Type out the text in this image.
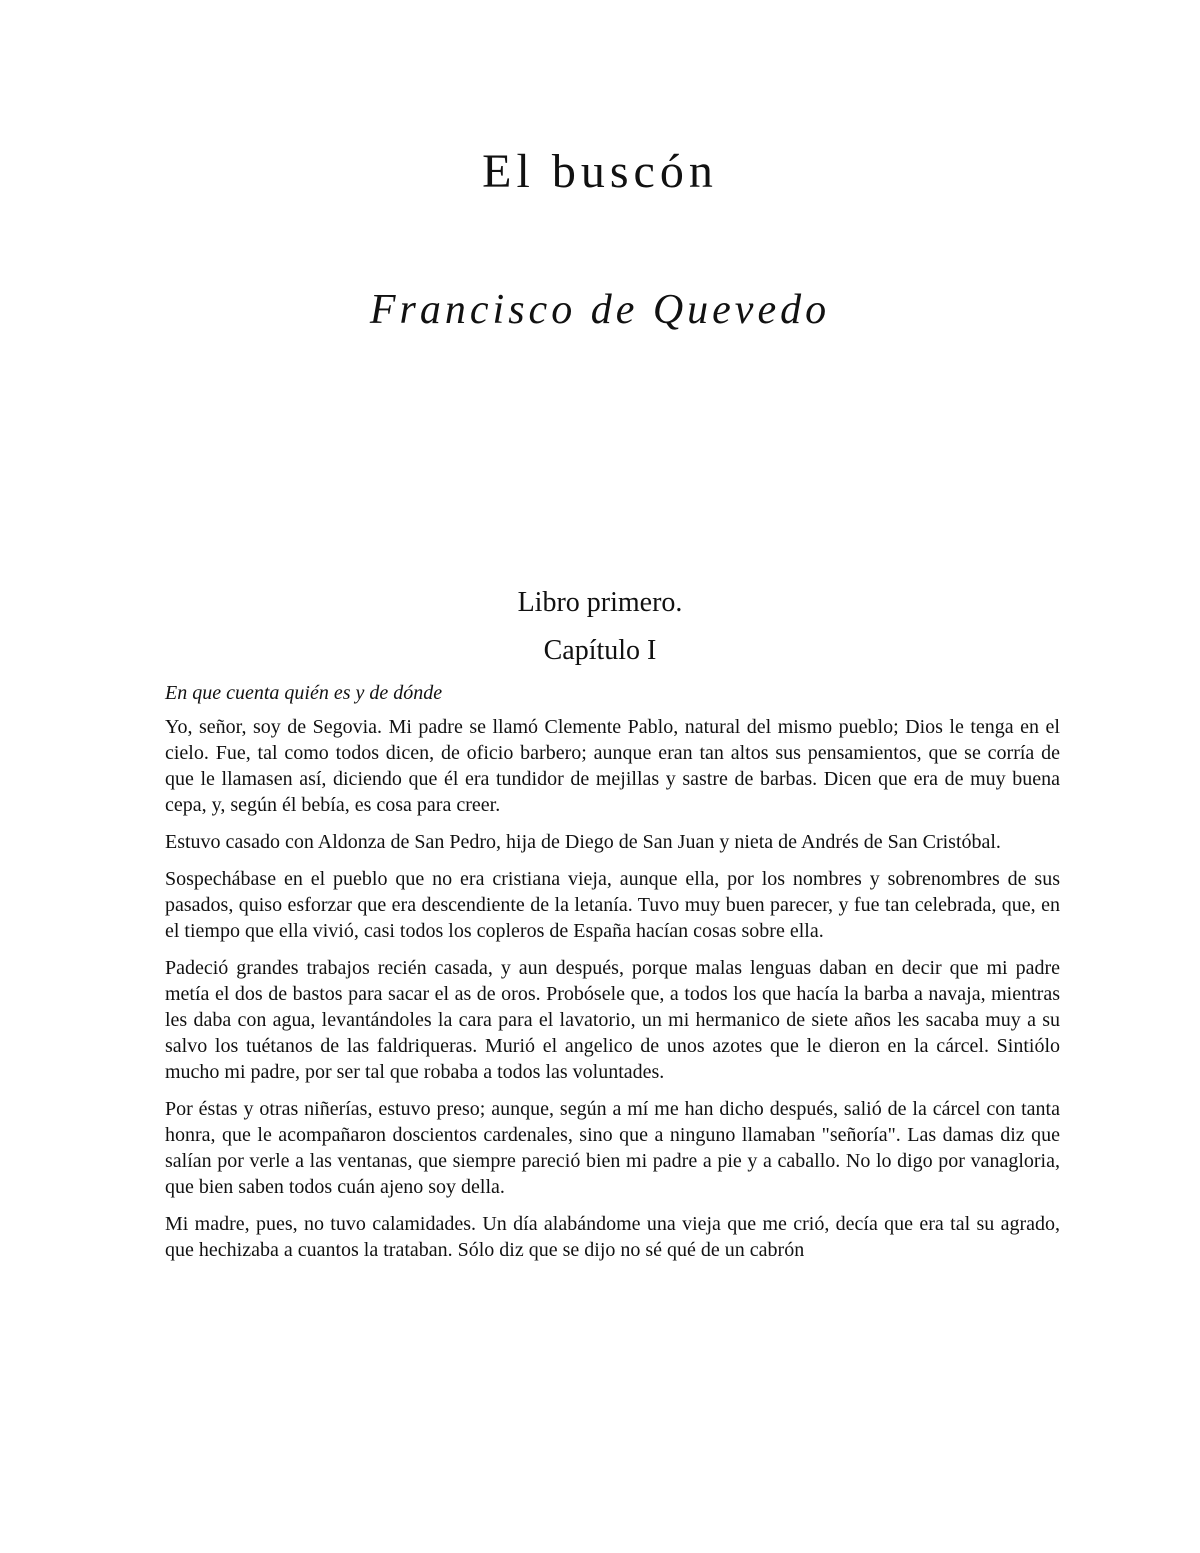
El buscón
Francisco de Quevedo
Libro primero.
Capítulo I

En que cuenta quién es y de dónde

Yo, señor, soy de Segovia. Mi padre se llamó Clemente Pablo, natural del mismo pueblo; Dios le tenga en el cielo. Fue, tal como todos dicen, de oficio barbero; aunque eran tan altos sus pensamientos, que se corría de que le llamasen así, diciendo que él era tundidor de mejillas y sastre de barbas. Dicen que era de muy buena cepa, y, según él bebía, es cosa para creer.

Estuvo casado con Aldonza de San Pedro, hija de Diego de San Juan y nieta de Andrés de San Cristóbal.

Sospechábase en el pueblo que no era cristiana vieja, aunque ella, por los nombres y sobrenombres de sus pasados, quiso esforzar que era descendiente de la letanía. Tuvo muy buen parecer, y fue tan celebrada, que, en el tiempo que ella vivió, casi todos los copleros de España hacían cosas sobre ella.

Padeció grandes trabajos recién casada, y aun después, porque malas lenguas daban en decir que mi padre metía el dos de bastos para sacar el as de oros. Probósele que, a todos los que hacía la barba a navaja, mientras les daba con agua, levantándoles la cara para el lavatorio, un mi hermanico de siete años les sacaba muy a su salvo los tuétanos de las faldriqueras. Murió el angelico de unos azotes que le dieron en la cárcel. Sintiólo mucho mi padre, por ser tal que robaba a todos las voluntades.

Por éstas y otras niñerías, estuvo preso; aunque, según a mí me han dicho después, salió de la cárcel con tanta honra, que le acompañaron doscientos cardenales, sino que a ninguno llamaban "señoría". Las damas diz que salían por verle a las ventanas, que siempre pareció bien mi padre a pie y a caballo. No lo digo por vanagloria, que bien saben todos cuán ajeno soy della.

Mi madre, pues, no tuvo calamidades. Un día alabándome una vieja que me crió, decía que era tal su agrado, que hechizaba a cuantos la trataban. Sólo diz que se dijo no sé qué de un cabrón
